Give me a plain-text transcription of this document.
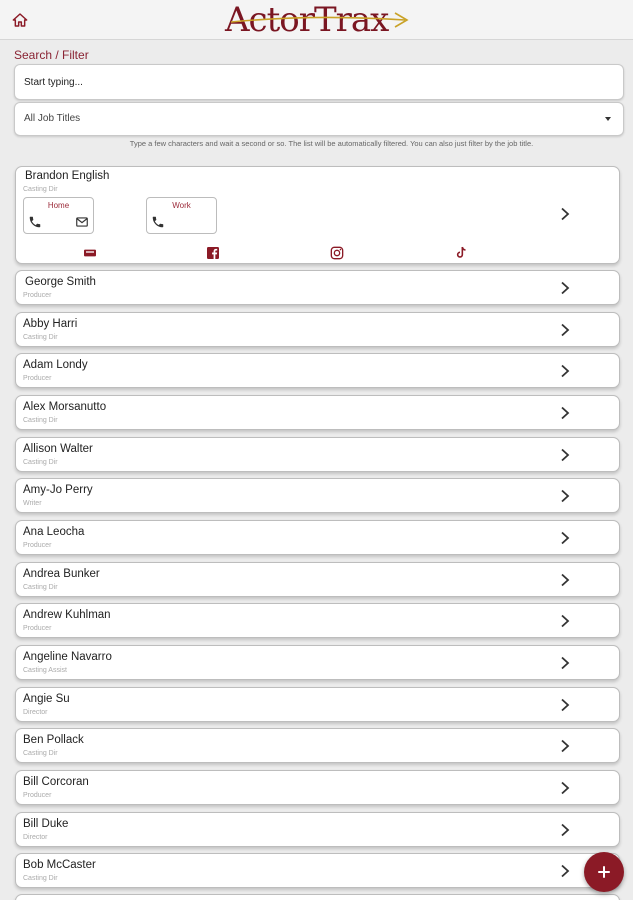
ActorTrax
Search / Filter
Start typing...
All Job Titles
Type a few characters and wait a second or so. The list will be automatically filtered. You can also just filter by the job title.
Brandon English
Casting Dir
Home	Work
George Smith
Producer
Abby Harri
Casting Dir
Adam Londy
Producer
Alex Morsanutto
Casting Dir
Allison Walter
Casting Dir
Amy-Jo Perry
Writer
Ana Leocha
Producer
Andrea Bunker
Casting Dir
Andrew Kuhlman
Producer
Angeline Navarro
Casting Assist
Angie Su
Director
Ben Pollack
Casting Dir
Bill Corcoran
Producer
Bill Duke
Director
Bob McCaster
Casting Dir
